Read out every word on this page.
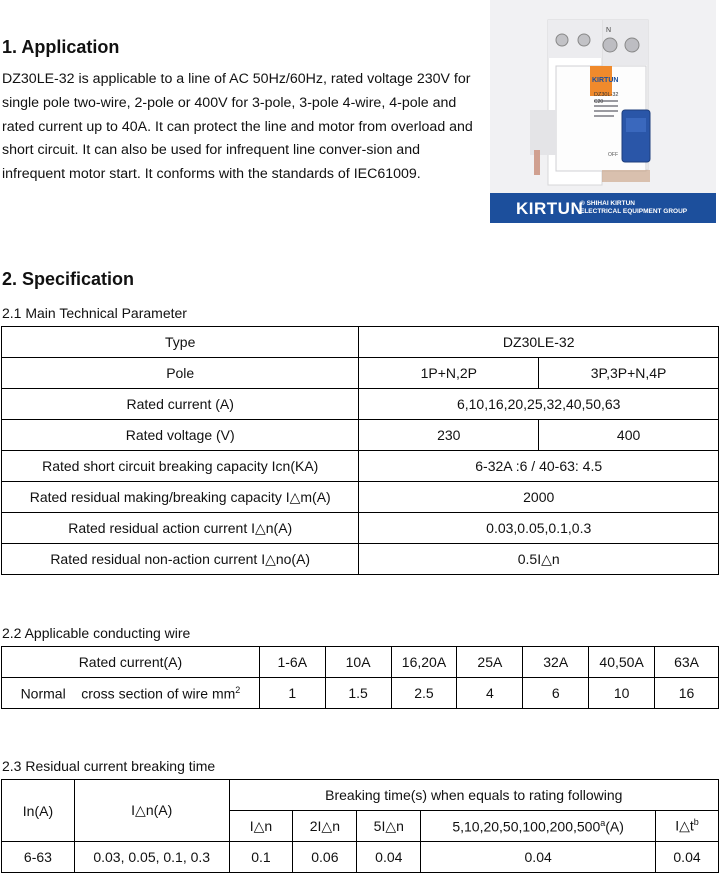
1. Application
DZ30LE-32 is applicable to a line of AC 50Hz/60Hz, rated voltage 230V for single pole two-wire, 2-pole or 400V for 3-pole, 3-pole 4-wire, 4-pole and rated current up to 40A. It can protect the line and motor from overload and short circuit. It can also be used for infrequent line conver-sion and infrequent motor start. It conforms with the standards of IEC61009.
KIRTUN
DZ30L-32
C20
OFF
N
KIRTUN
® SHIHAI KIRTUN
ELECTRICAL EQUIPMENT GROUP
2. Specification
2.1 Main Technical Parameter
Type	DZ30LE-32	
Pole	1P+N,2P	3P,3P+N,4P
Rated current (A)	6,10,16,20,25,32,40,50,63	
Rated voltage (V)	230	400
Rated short circuit breaking capacity Icn(KA)	6-32A :6 / 40-63: 4.5	
Rated residual making/breaking capacity I△m(A)	2000	
Rated residual action current I△n(A)	0.03,0.05,0.1,0.3	
Rated residual non-action current I△no(A)	0.5I△n	
2.2 Applicable conducting wire
Rated current(A)	1-6A	10A	16,20A	25A	32A	40,50A	63A
Normal    cross section of wire $mm^2$	1	1.5	2.5	4	6	10	16
2.3 Residual current breaking time
In(A)	I△n(A)	Breaking time(s) when equals to rating following				
		I△n	2I△n	5I△n	5,10,20,50,100,200,500$^a$(A)	$I\triangle t^b$
6-63	0.03, 0.05, 0.1, 0.3	0.1	0.06	0.04	0.04	0.04
